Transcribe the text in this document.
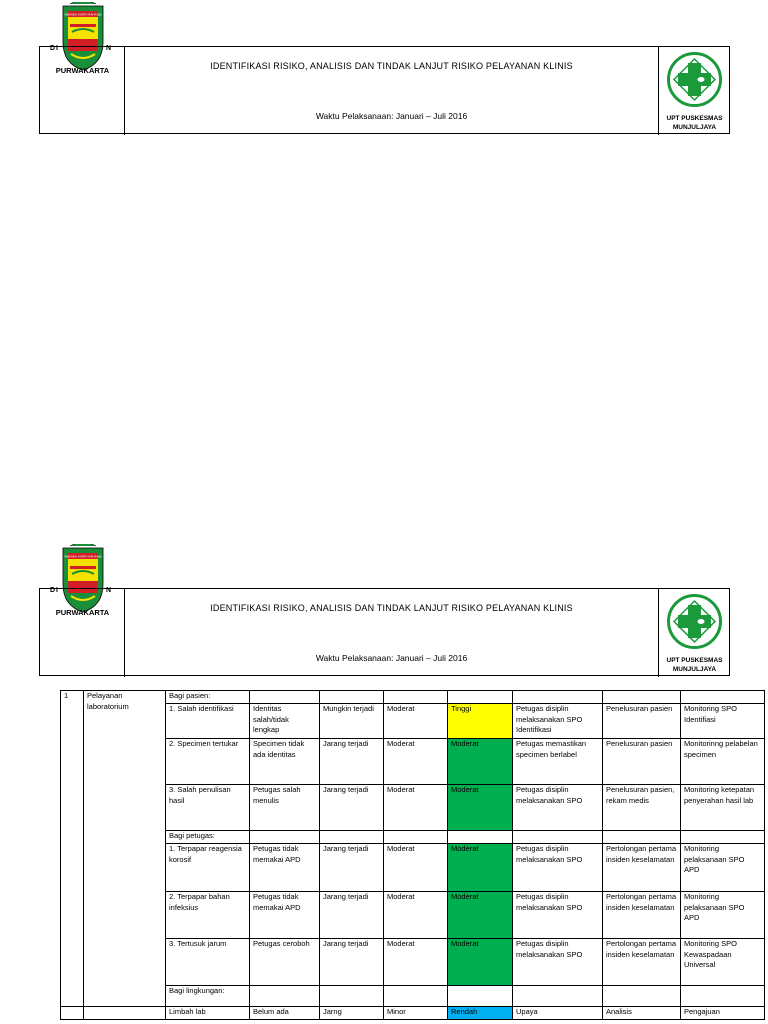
WIBAWA KARTA RAHARJA
DI	N
PURWAKARTA	IDENTIFIKASI RISIKO, ANALISIS DAN TINDAK LANJUT RISIKO PELAYANAN KLINIS
Waktu Pelaksanaan: Januari – Juli 2016	UPT PUSKESMAS
MUNJULJAYA
WIBAWA KARTA RAHARJA
DI	N
PURWAKARTA	IDENTIFIKASI RISIKO, ANALISIS DAN TINDAK LANJUT RISIKO PELAYANAN KLINIS
Waktu Pelaksanaan: Januari – Juli 2016	UPT PUSKESMAS
MUNJULJAYA
1	Pelayanan laboratorium	Bagi pasien:							
		1. Salah identifikasi	Identitas salah/tidak lengkap	Mungkin terjadi	Moderat	Tinggi	Petugas disiplin melaksanakan SPO Identifikasi	Penelusuran pasien	Monitoring SPO Identifiasi
		2. Specimen tertukar	Specimen tidak ada identitas	Jarang terjadi	Moderat	Moderat	Petugas memastikan specimen berlabel	Penelusuran pasien	Monitorinng pelabelan specimen
		3. Salah penulisan hasil	Petugas salah menulis	Jarang terjadi	Moderat	Moderat	Petugas disiplin melaksanakan SPO	Penelusuran pasien, rekam medis	Monitoring ketepatan penyerahan hasil lab
		Bagi petugas:							
		1. Terpapar reagensia korosif	Petugas tidak memakai APD	Jarang terjadi	Moderat	Moderat	Petugas disiplin melaksanakan SPO	Pertolongan pertama insiden keselamatan	Monitoring pelaksanaan SPO APD
		2. Terpapar bahan infeksius	Petugas tidak memakai APD	Jarang terjadi	Moderat	Moderat	Petugas disiplin melaksanakan SPO	Pertolongan pertama insiden keselamatan	Monitoring pelaksanaan SPO APD
		3. Tertusuk jarum	Petugas ceroboh	Jarang terjadi	Moderat	Moderat	Petugas disiplin melaksanakan SPO	Pertolongan pertama insiden keselamatan	Monitoring SPO Kewaspadaan Universal
		Bagi lingkungan:							
		Limbah lab	Belum ada	Jarng	Minor	Rendah	Upaya	Analisis	Pengajuan
